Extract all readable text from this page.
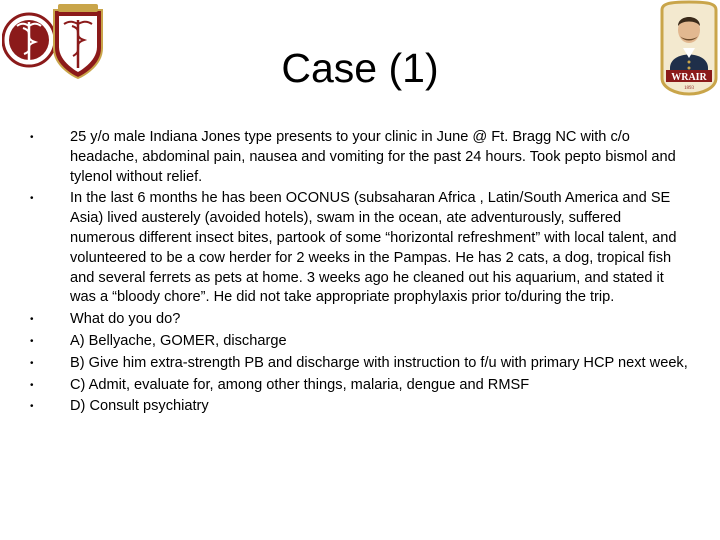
WRAIR
1893
Case (1)
•	25 y/o male Indiana Jones type presents to your clinic in June @ Ft. Bragg NC with c/o headache, abdominal pain, nausea and vomiting for the past 24 hours. Took pepto bismol and tylenol without relief.
•	In the last 6 months he has been OCONUS (subsaharan Africa , Latin/South America and SE Asia) lived austerely (avoided hotels), swam in the ocean, ate adventurously, suffered numerous different insect bites, partook of some “horizontal refreshment” with local talent, and volunteered to be a cow herder for 2 weeks in the Pampas. He has 2 cats, a dog, tropical fish and several ferrets as pets at home. 3 weeks ago he cleaned out his aquarium, and stated it was a “bloody chore”. He did not take appropriate prophylaxis prior to/during the trip.
•	What do you do?
•	A) Bellyache, GOMER, discharge
•	B) Give him extra-strength PB and discharge with instruction to f/u with primary HCP next week,
•	C) Admit, evaluate for, among other things, malaria, dengue and RMSF
•	D) Consult psychiatry
